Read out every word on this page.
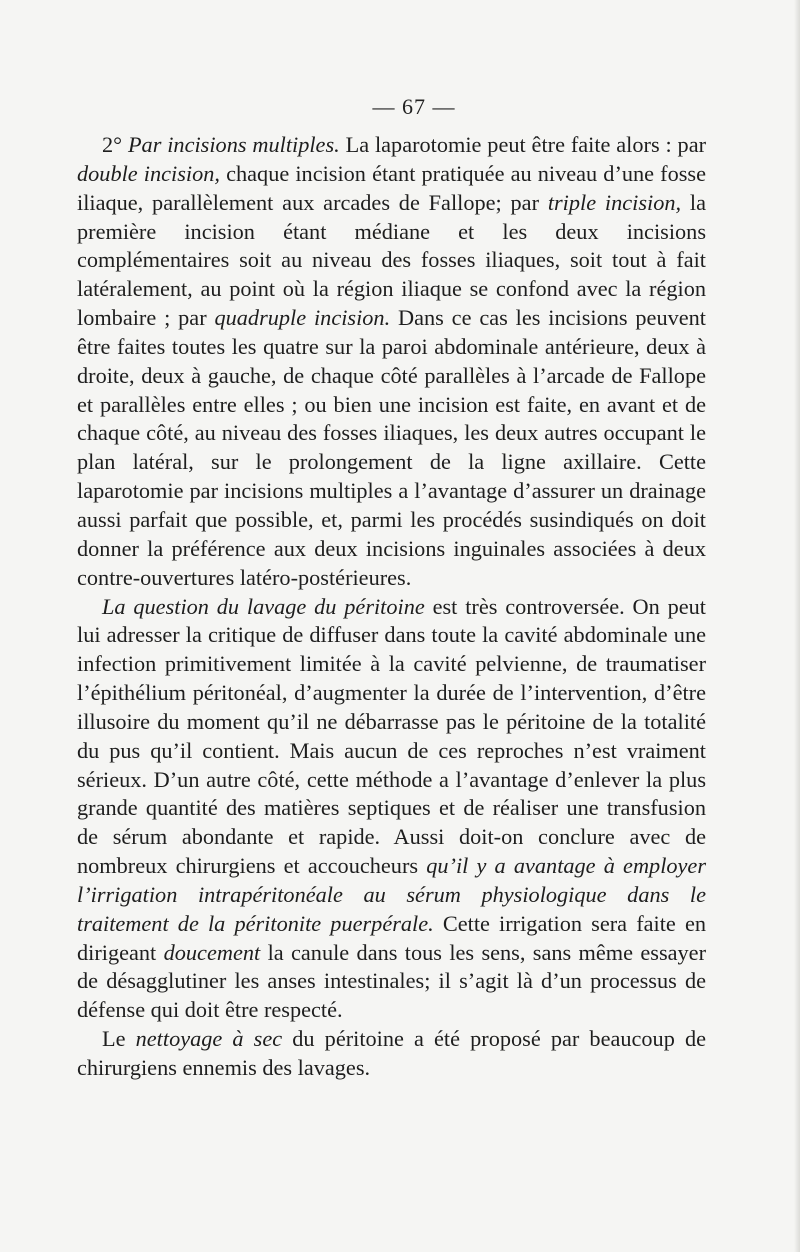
— 67 —

2° Par incisions multiples. La laparotomie peut être faite alors : par double incision, chaque incision étant pratiquée au niveau d’une fosse iliaque, parallèlement aux arcades de Fallope; par triple incision, la première incision étant médiane et les deux incisions complémentaires soit au niveau des fosses iliaques, soit tout à fait latéralement, au point où la région iliaque se confond avec la région lombaire ; par quadruple incision. Dans ce cas les incisions peuvent être faites toutes les quatre sur la paroi abdominale antérieure, deux à droite, deux à gauche, de chaque côté parallèles à l’arcade de Fallope et parallèles entre elles ; ou bien une incision est faite, en avant et de chaque côté, au niveau des fosses iliaques, les deux autres occupant le plan latéral, sur le prolongement de la ligne axillaire. Cette laparotomie par incisions multiples a l’avantage d’assurer un drainage aussi parfait que possible, et, parmi les procédés susindiqués on doit donner la préférence aux deux incisions inguinales associées à deux contre-ouvertures latéro-postérieures.

La question du lavage du péritoine est très controversée. On peut lui adresser la critique de diffuser dans toute la cavité abdominale une infection primitivement limitée à la cavité pelvienne, de traumatiser l’épithélium péritonéal, d’augmenter la durée de l’intervention, d’être illusoire du moment qu’il ne débarrasse pas le péritoine de la totalité du pus qu’il contient. Mais aucun de ces reproches n’est vraiment sérieux. D’un autre côté, cette méthode a l’avantage d’enlever la plus grande quantité des matières septiques et de réaliser une transfusion de sérum abondante et rapide. Aussi doit-on conclure avec de nombreux chirurgiens et accoucheurs qu’il y a avantage à employer l’irrigation intrapéritonéale au sérum physiologique dans le traitement de la péritonite puerpérale. Cette irrigation sera faite en dirigeant doucement la canule dans tous les sens, sans même essayer de désagglutiner les anses intestinales; il s’agit là d’un processus de défense qui doit être respecté.

Le nettoyage à sec du péritoine a été proposé par beaucoup de chirurgiens ennemis des lavages.
